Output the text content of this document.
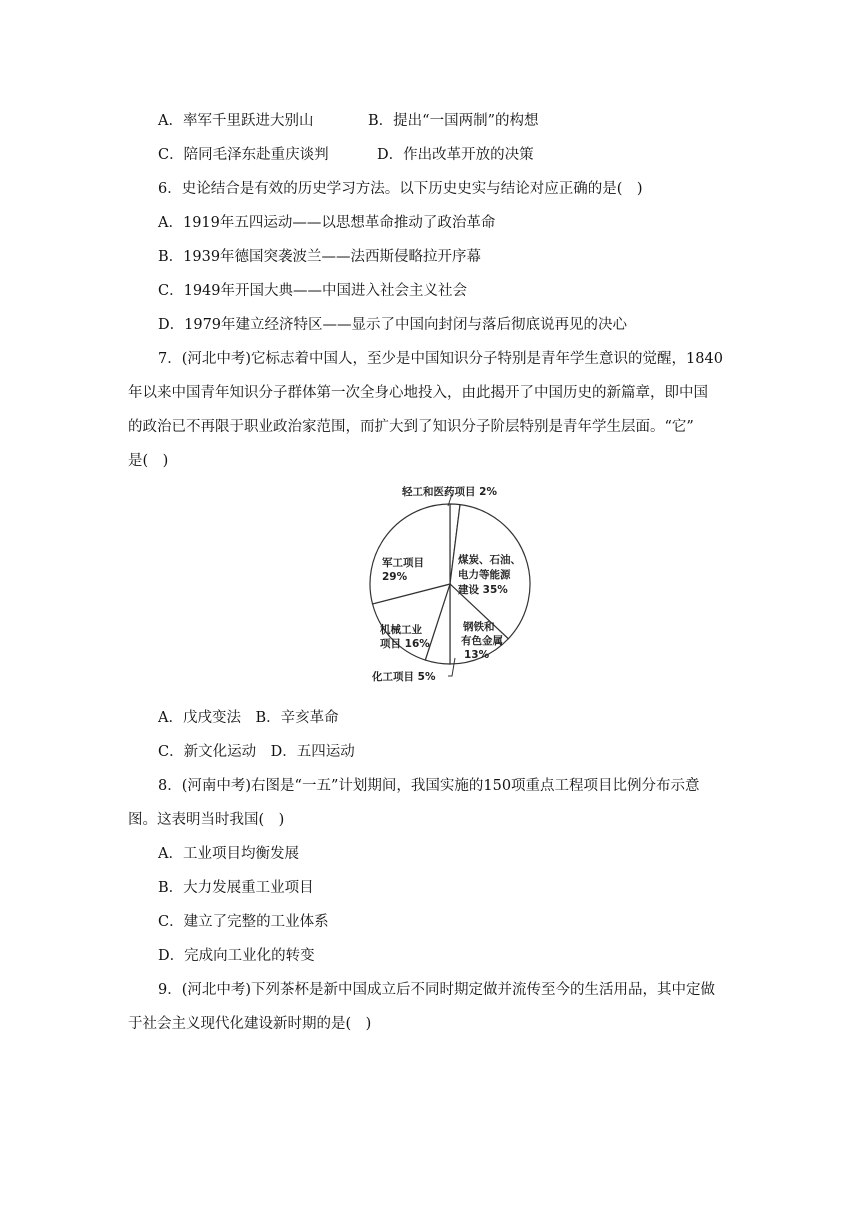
A．率军千里跃进大别山	B．提出“一国两制”的构想
C．陪同毛泽东赴重庆谈判	D．作出改革开放的决策
6．史论结合是有效的历史学习方法。以下历史史实与结论对应正确的是(　)
A．1919年五四运动——以思想革命推动了政治革命
B．1939年德国突袭波兰——法西斯侵略拉开序幕
C．1949年开国大典——中国进入社会主义社会
D．1979年建立经济特区——显示了中国向封闭与落后彻底说再见的决心
7．(河北中考)它标志着中国人，至少是中国知识分子特别是青年学生意识的觉醒，1840
年以来中国青年知识分子群体第一次全身心地投入，由此揭开了中国历史的新篇章，即中国
的政治已不再限于职业政治家范围，而扩大到了知识分子阶层特别是青年学生层面。“它”
是(　)
轻工和医药项目 2%
煤炭、石油、
电力等能源
建设 35%
钢铁和
有色金属
13%
化工项目 5%
机械工业
项目 16%
军工项目
29%
A．戊戌变法　B．辛亥革命
C．新文化运动　D．五四运动
8．(河南中考)右图是“一五”计划期间，我国实施的150项重点工程项目比例分布示意
图。这表明当时我国(　)
A．工业项目均衡发展
B．大力发展重工业项目
C．建立了完整的工业体系
D．完成向工业化的转变
9．(河北中考)下列茶杯是新中国成立后不同时期定做并流传至今的生活用品，其中定做
于社会主义现代化建设新时期的是(　)
